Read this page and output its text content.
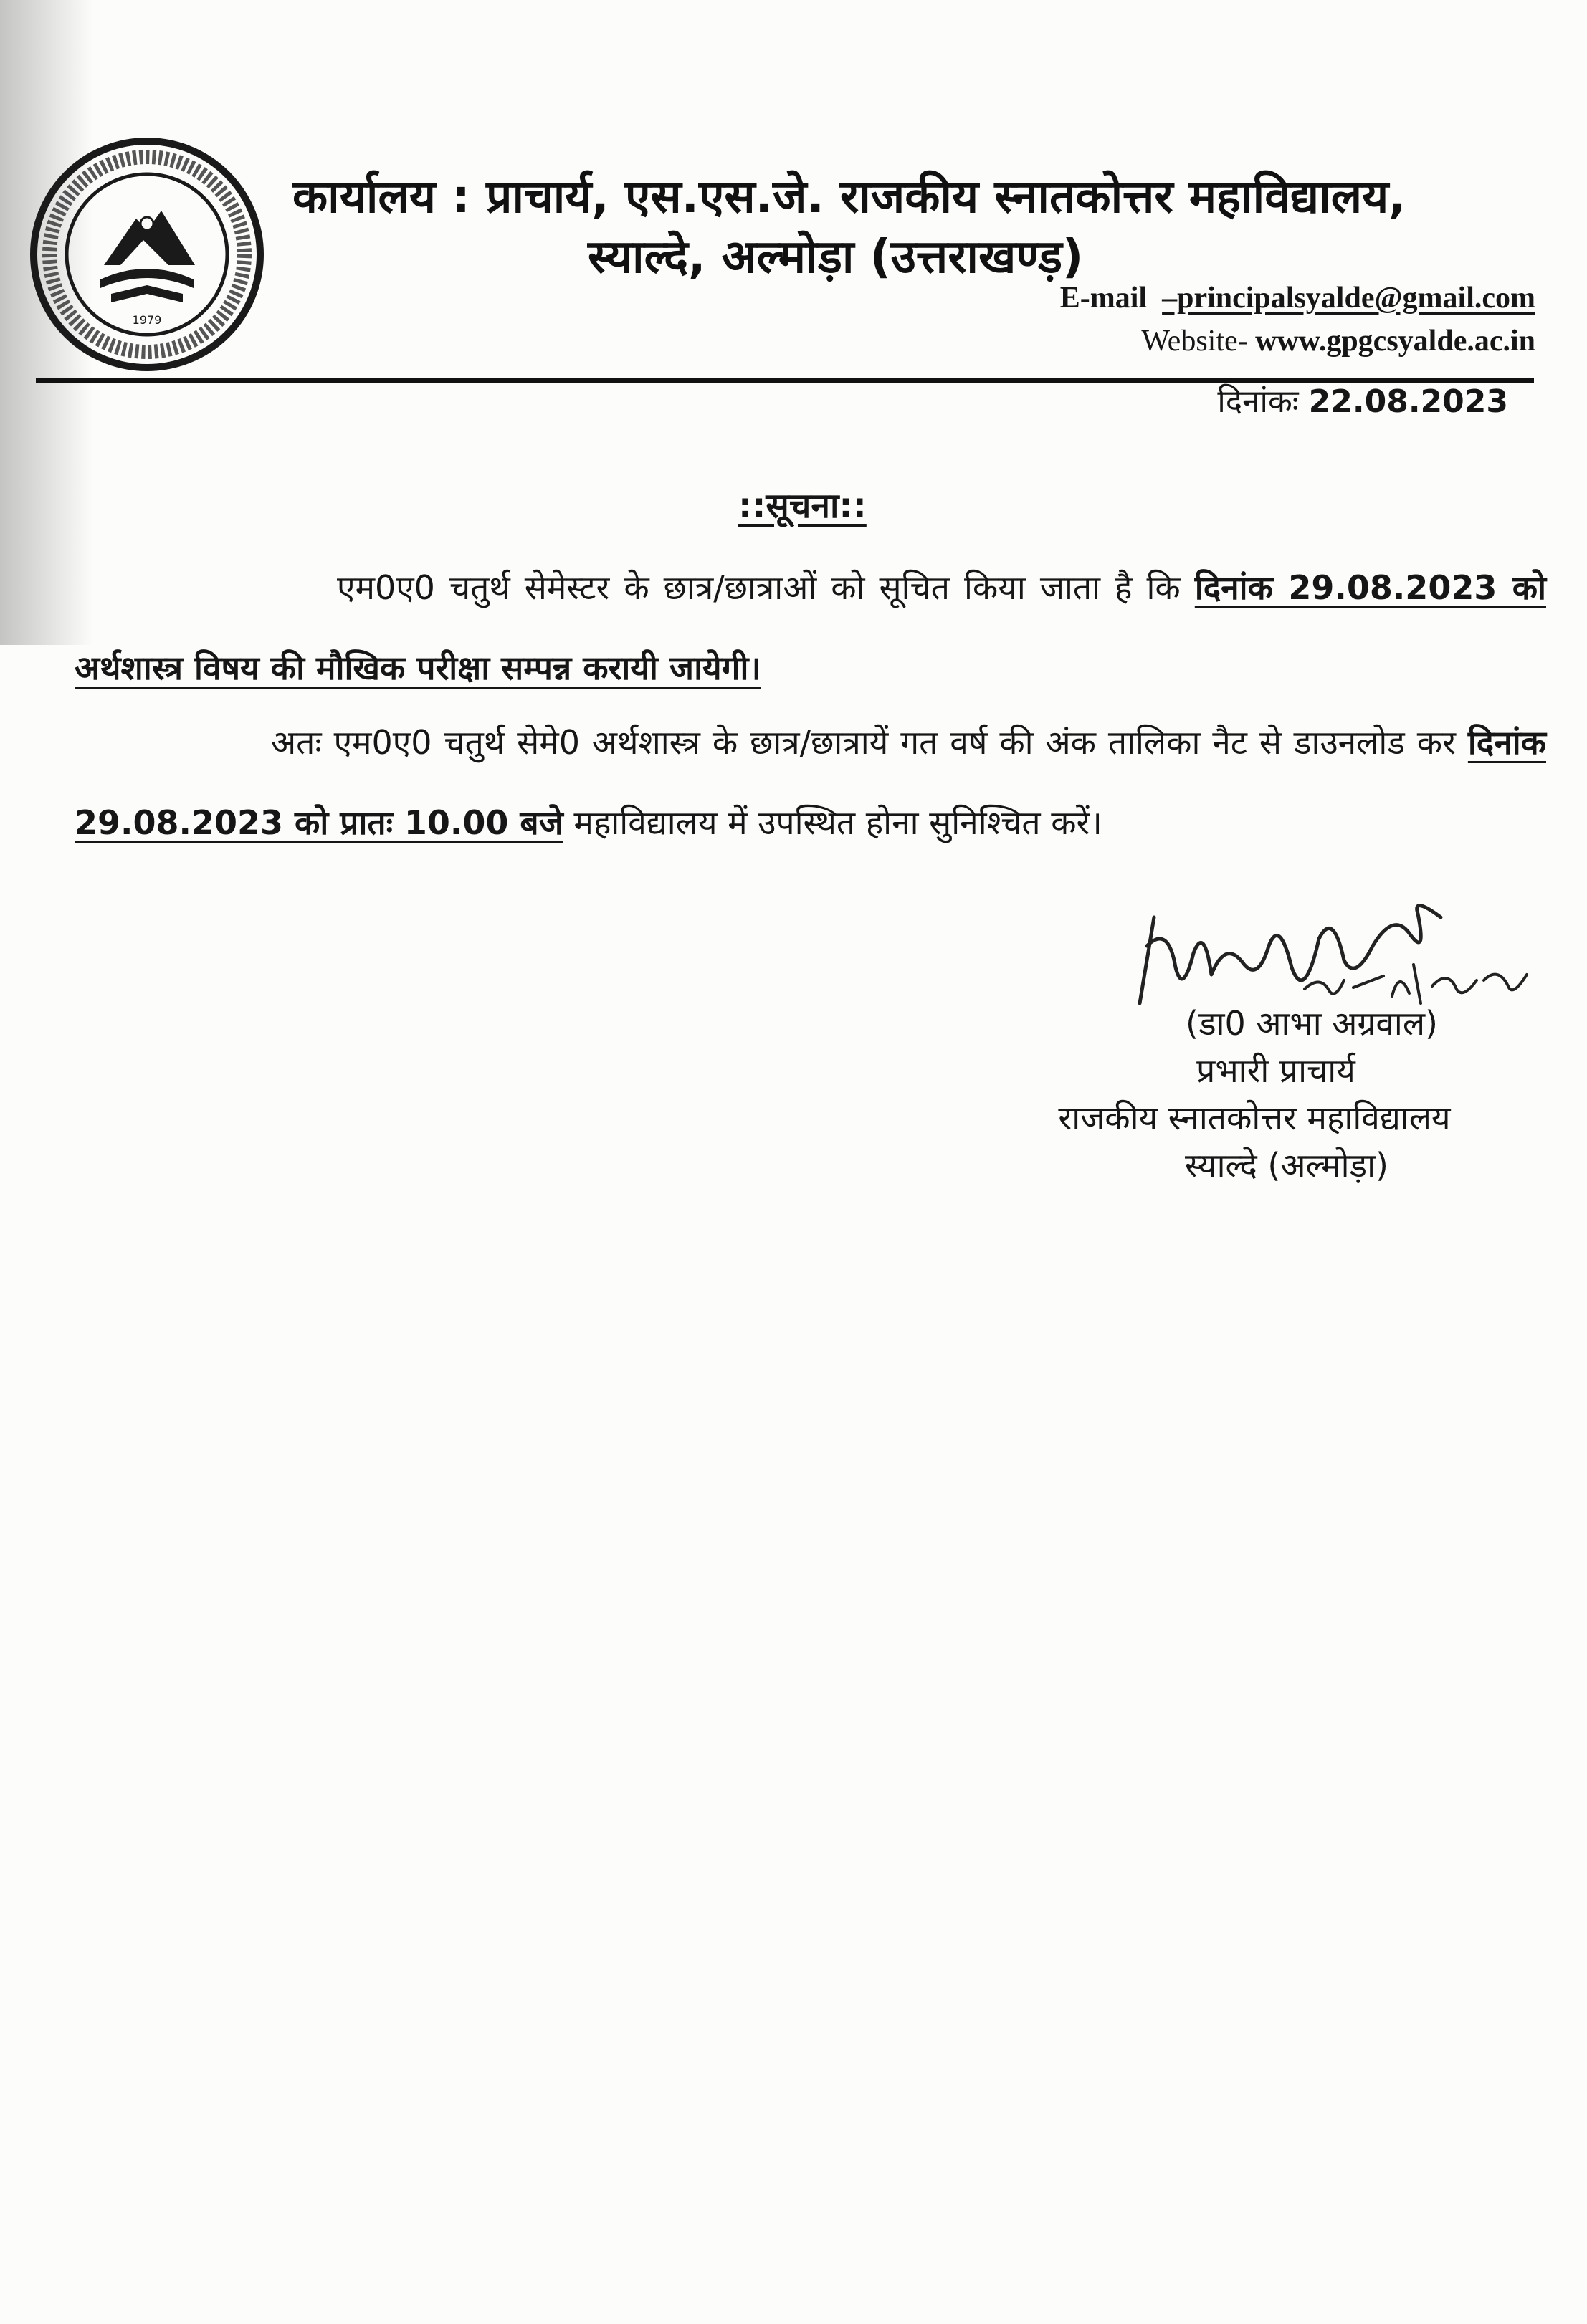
1979
कार्यालय : प्राचार्य, एस.एस.जे. राजकीय स्नातकोत्तर महाविद्यालय,
स्याल्दे, अल्मोड़ा (उत्तराखण्ड़)
E-mail –principalsyalde@gmail.com
Website- www.gpgcsyalde.ac.in
दिनांकः 22.08.2023
::सूचना::
एम0ए0 चतुर्थ सेमेस्टर के छात्र/छात्राओं को सूचित किया जाता है कि दिनांक 29.08.2023 को अर्थशास्त्र विषय की मौखिक परीक्षा सम्पन्न करायी जायेगी।
अतः एम0ए0 चतुर्थ सेमे0 अर्थशास्त्र के छात्र/छात्रायें गत वर्ष की अंक तालिका नैट से डाउनलोड कर दिनांक 29.08.2023 को प्रातः 10.00 बजे महाविद्यालय में उपस्थित होना सुनिश्चित करें।
(डा0 आभा अग्रवाल)
प्रभारी प्राचार्य
राजकीय स्नातकोत्तर महाविद्यालय
स्याल्दे (अल्मोड़ा)
